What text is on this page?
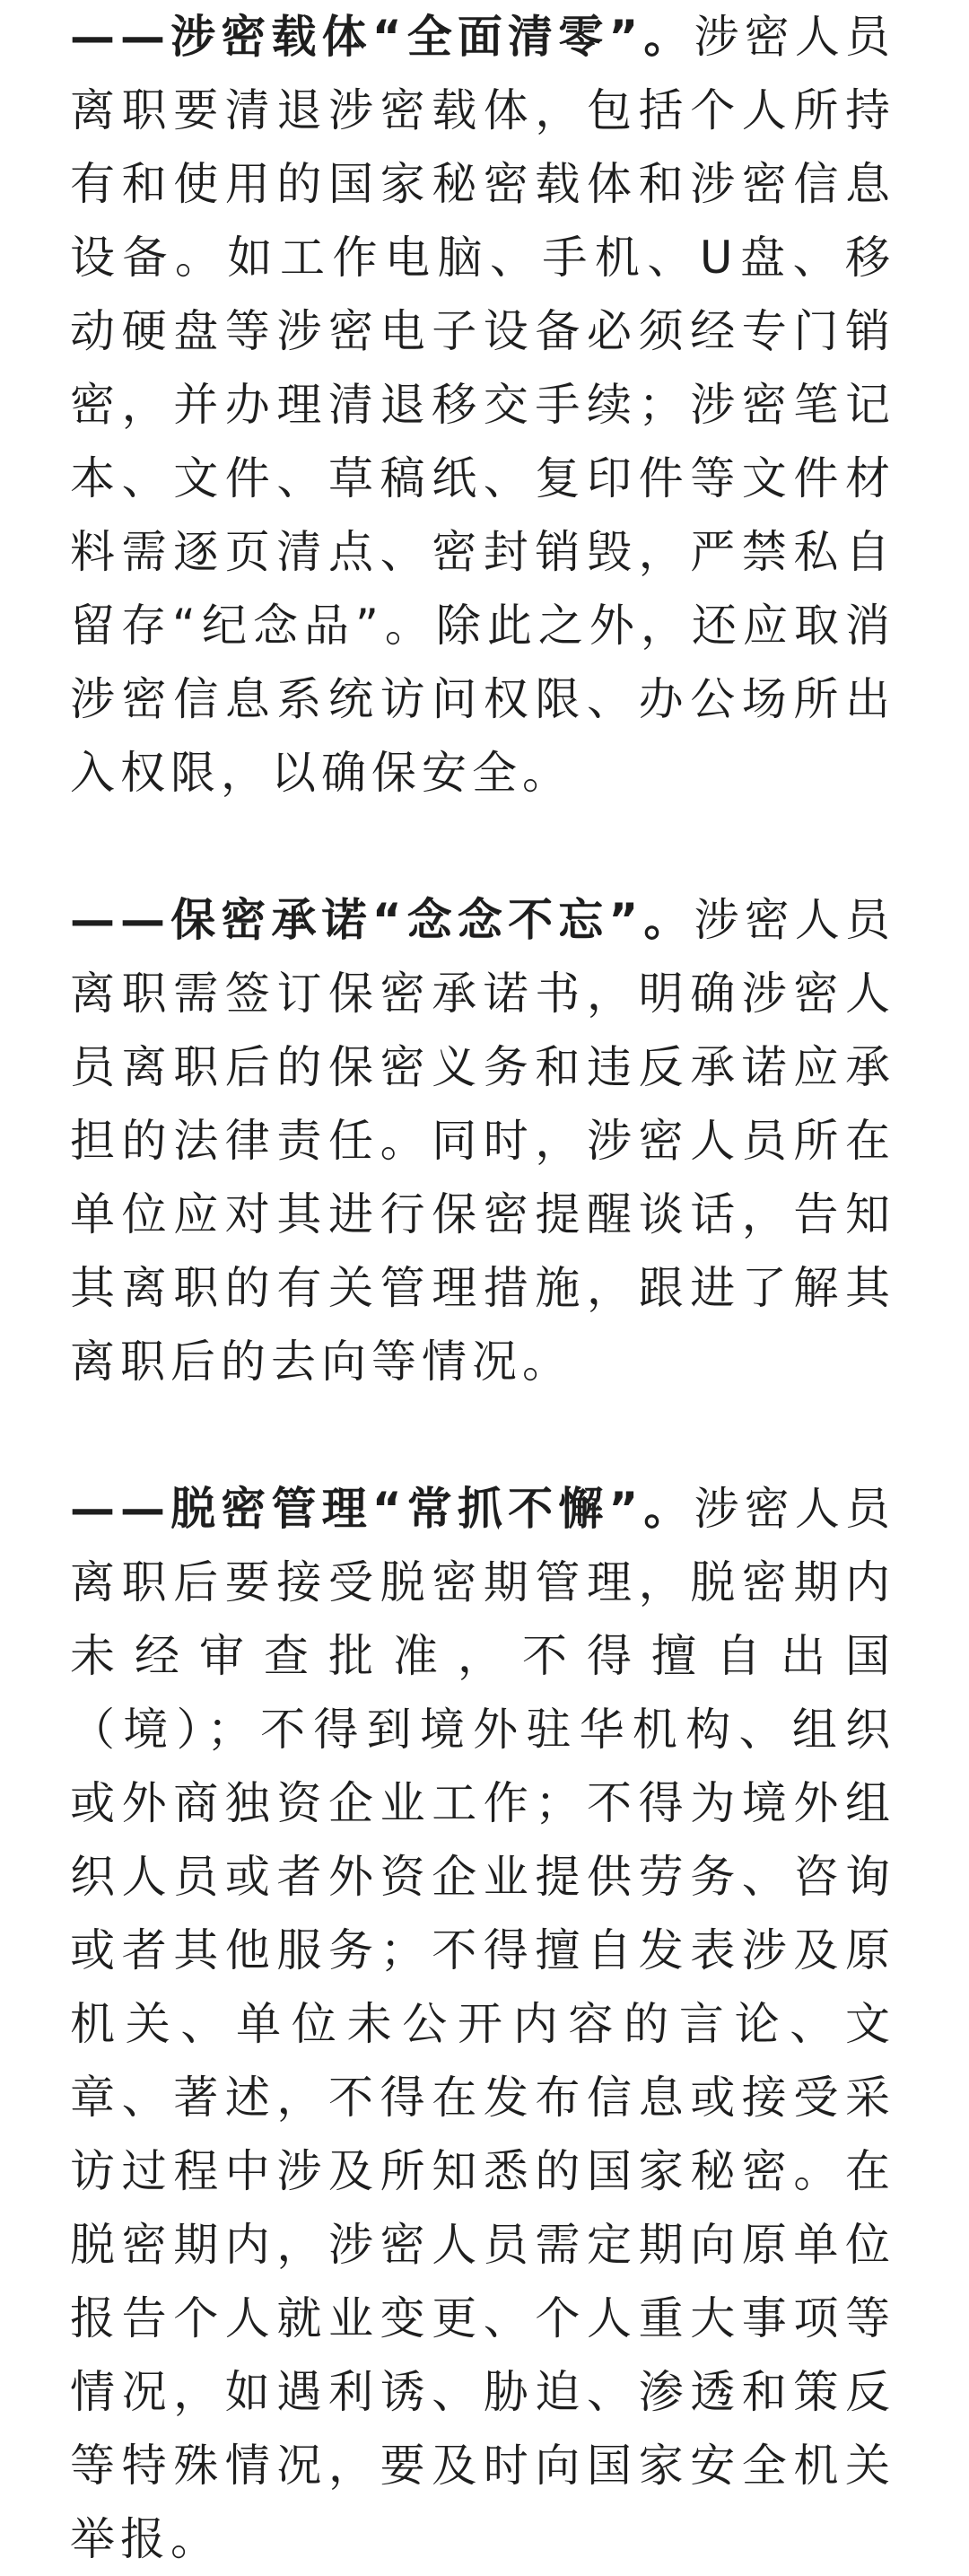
——涉密载体“全面清零”。涉密人员离职要清退涉密载体，包括个人所持有和使用的国家秘密载体和涉密信息设备。如工作电脑、手机、U盘、移动硬盘等涉密电子设备必须经专门销密，并办理清退移交手续；涉密笔记本、文件、草稿纸、复印件等文件材料需逐页清点、密封销毁，严禁私自留存“纪念品”。除此之外，还应取消涉密信息系统访问权限、办公场所出入权限，以确保安全。

——保密承诺“念念不忘”。涉密人员离职需签订保密承诺书，明确涉密人员离职后的保密义务和违反承诺应承担的法律责任。同时，涉密人员所在单位应对其进行保密提醒谈话，告知其离职的有关管理措施，跟进了解其离职后的去向等情况。

——脱密管理“常抓不懈”。涉密人员离职后要接受脱密期管理，脱密期内未经审查批准，不得擅自出国（境）；不得到境外驻华机构、组织或外商独资企业工作；不得为境外组织人员或者外资企业提供劳务、咨询或者其他服务；不得擅自发表涉及原机关、单位未公开内容的言论、文章、著述，不得在发布信息或接受采访过程中涉及所知悉的国家秘密。在脱密期内，涉密人员需定期向原单位报告个人就业变更、个人重大事项等情况，如遇利诱、胁迫、渗透和策反等特殊情况，要及时向国家安全机关举报。
